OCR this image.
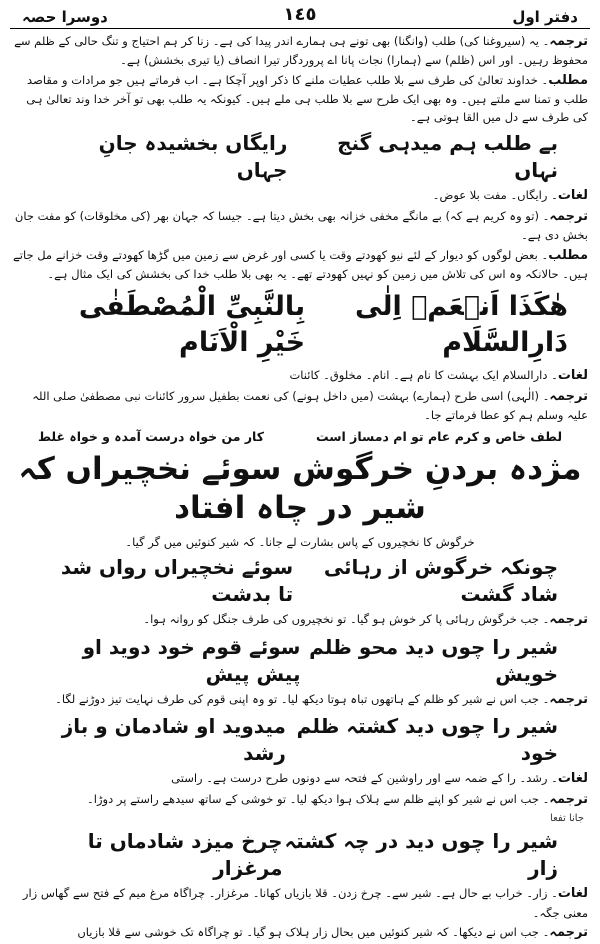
دفتر اول
١٤٥
دوسرا حصہ

ترجمہ۔ یہ (سیروغنا کی) طلب (وانگنا) بھی تونے ہی ہمارے اندر پیدا کی ہے۔ زنا کر ہم احتیاج و تنگ حالی کے ظلم سے محفوظ رہیں۔ اور اس (ظلم) سے (ہمارا) نجات پانا اے پروردگار تیرا انصاف (یا تیری بخشش) ہے۔

مطلب۔ خداوند تعالیٰ کی طرف سے بلا طلب عطیات ملنے کا ذکر اوپر آچکا ہے۔ اب فرماتے ہیں جو مرادات و مقاصد طلب و تمنا سے ملتے ہیں۔ وہ بھی ایک طرح سے بلا طلب ہی ملے ہیں۔ کیونکہ یہ طلب بھی تو آخر خدا وند تعالیٰ ہی کی طرف سے دل میں القا ہوتی ہے۔

بے طلب ہم میدہی گنج نہاں
رایگاں بخشیدہ جانِ جہاں

لغات۔ رایگاں۔ مفت بلا عوض۔

ترجمہ۔ (تو وہ کریم ہے کہ) بے مانگے مخفی خزانہ بھی بخش دیتا ہے۔ جیسا کہ جہان بھر (کی مخلوقات) کو مفت جان بخش دی ہے۔

مطلب۔ بعض لوگوں کو دیوار کے لئے نیو کھودتے وقت یا کسی اور غرض سے زمین میں گڑھا کھودتے وقت خزانے مل جاتے ہیں۔ حالانکہ وہ اس کی تلاش میں زمین کو نہیں کھودتے تھے۔ یہ بھی بلا طلب خدا کی بخشش کی ایک مثال ہے۔

ھٰکَذَا اَنۡعَمۡ اِلٰی دَارِالسَّلَام
بِالنَّبِیِّ الْمُصْطَفٰی خَیْرِ الْاَنَام

لغات۔ دارالسلام ایک بہشت کا نام ہے۔ انام۔ مخلوق۔ کائنات

ترجمہ۔ (الٰہی) اسی طرح (ہمارے) بہشت (میں داخل ہونے) کی نعمت بطفیل سرور کائنات نبی مصطفیٰ صلی اللہ علیہ وسلم ہم کو عطا فرماتے جا۔

لطف خاص و کرم عام تو ام دمساز است
کار من خواہ درست آمدہ و خواہ غلط
مژدہ بردنِ خرگوش سوئے نخچیراں کہ شیر در چاہ افتاد

خرگوش کا نخچیروں کے پاس بشارت لے جانا۔ کہ شیر کنوئیں میں گر گیا۔

چونکہ خرگوش از رہائی شاد گشت
سوئے نخچیراں رواں شد تا بدشت

ترجمہ۔ جب خرگوش رہائی پا کر خوش ہو گیا۔ تو نخچیروں کی طرف جنگل کو روانہ ہوا۔

شیر را چوں دید محو ظلم خویش
سوئے قوم خود دوید او پیش پیش

ترجمہ۔ جب اس نے شیر کو ظلم کے ہاتھوں تباہ ہوتا دیکھ لیا۔ تو وہ اپنی قوم کی طرف نہایت تیز دوڑنے لگا۔

شیر را چوں دید کشتہ ظلم خود
میدوید او شادمان و باز رشد

لغات۔ رشد۔ را کے ضمہ سے اور راوشین کے فتحہ سے دونوں طرح درست ہے۔ راستی

ترجمہ۔ جب اس نے شیر کو اپنے ظلم سے ہلاک ہوا دیکھ لیا۔ تو خوشی کے ساتھ سیدھے راستے پر دوڑا۔

جانا تفعا
شیر را چوں دید در چہ کشتہ زار
چرخ میزد شادماں تا مرغزار

لغات۔ زار۔ خراب بے حال ہے۔ شیر سے۔ چرخ زدن۔ قلا بازیاں کھانا۔ مرغزار۔ چراگاہ مرغ میم کے فتح سے گھاس زار معنی جگہ۔

ترجمہ۔ جب اس نے دیکھا۔ کہ شیر کنوئیں میں بحال زار ہلاک ہو گیا۔ تو چراگاہ تک خوشی سے قلا بازیاں
